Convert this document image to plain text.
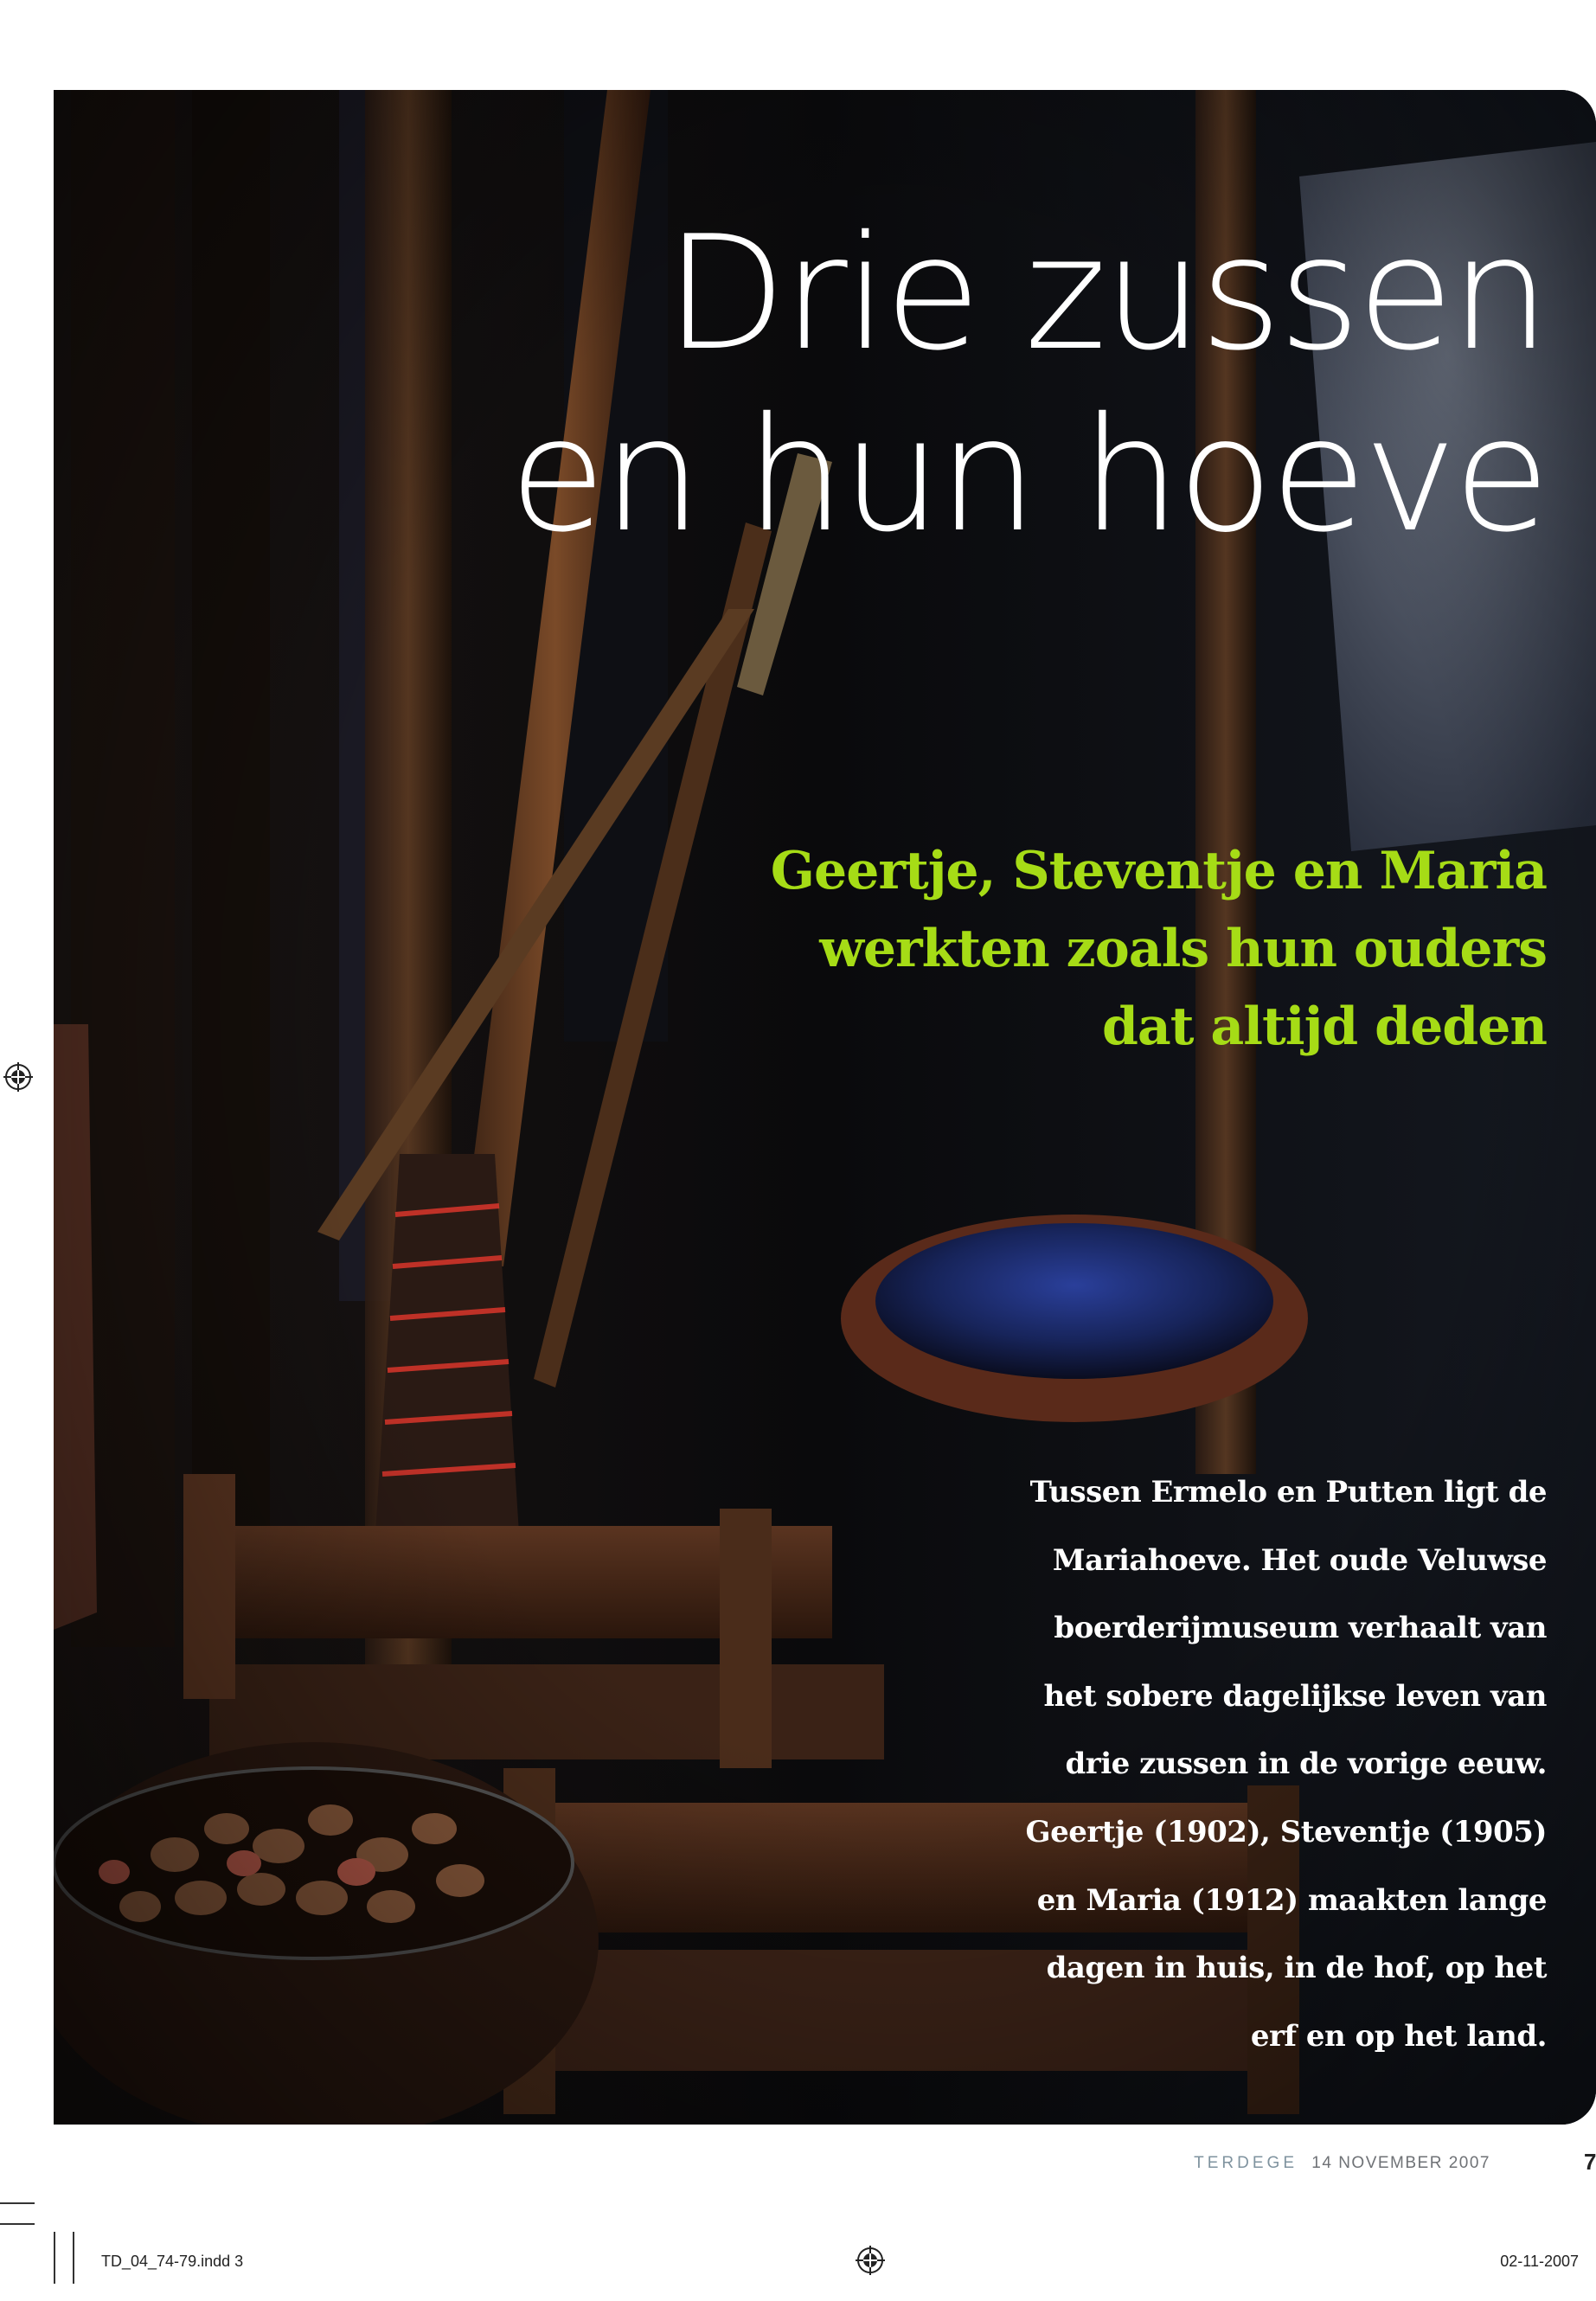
Drie zussen
en hun hoeve
Geertje, Steventje en Maria
werkten zoals hun ouders
dat altijd deden

Tussen Ermelo en Putten ligt de
Mariahoeve. Het oude Veluwse
boerderijmuseum verhaalt van
het sobere dagelijkse leven van
drie zussen in de vorige eeuw.
Geertje (1902), Steventje (1905)
en Maria (1912) maakten lange
dagen in huis, in de hof, op het
erf en op het land.

TERDEGE 14 NOVEMBER 2007	7
TD_04_74-79.indd 3	02-11-2007
